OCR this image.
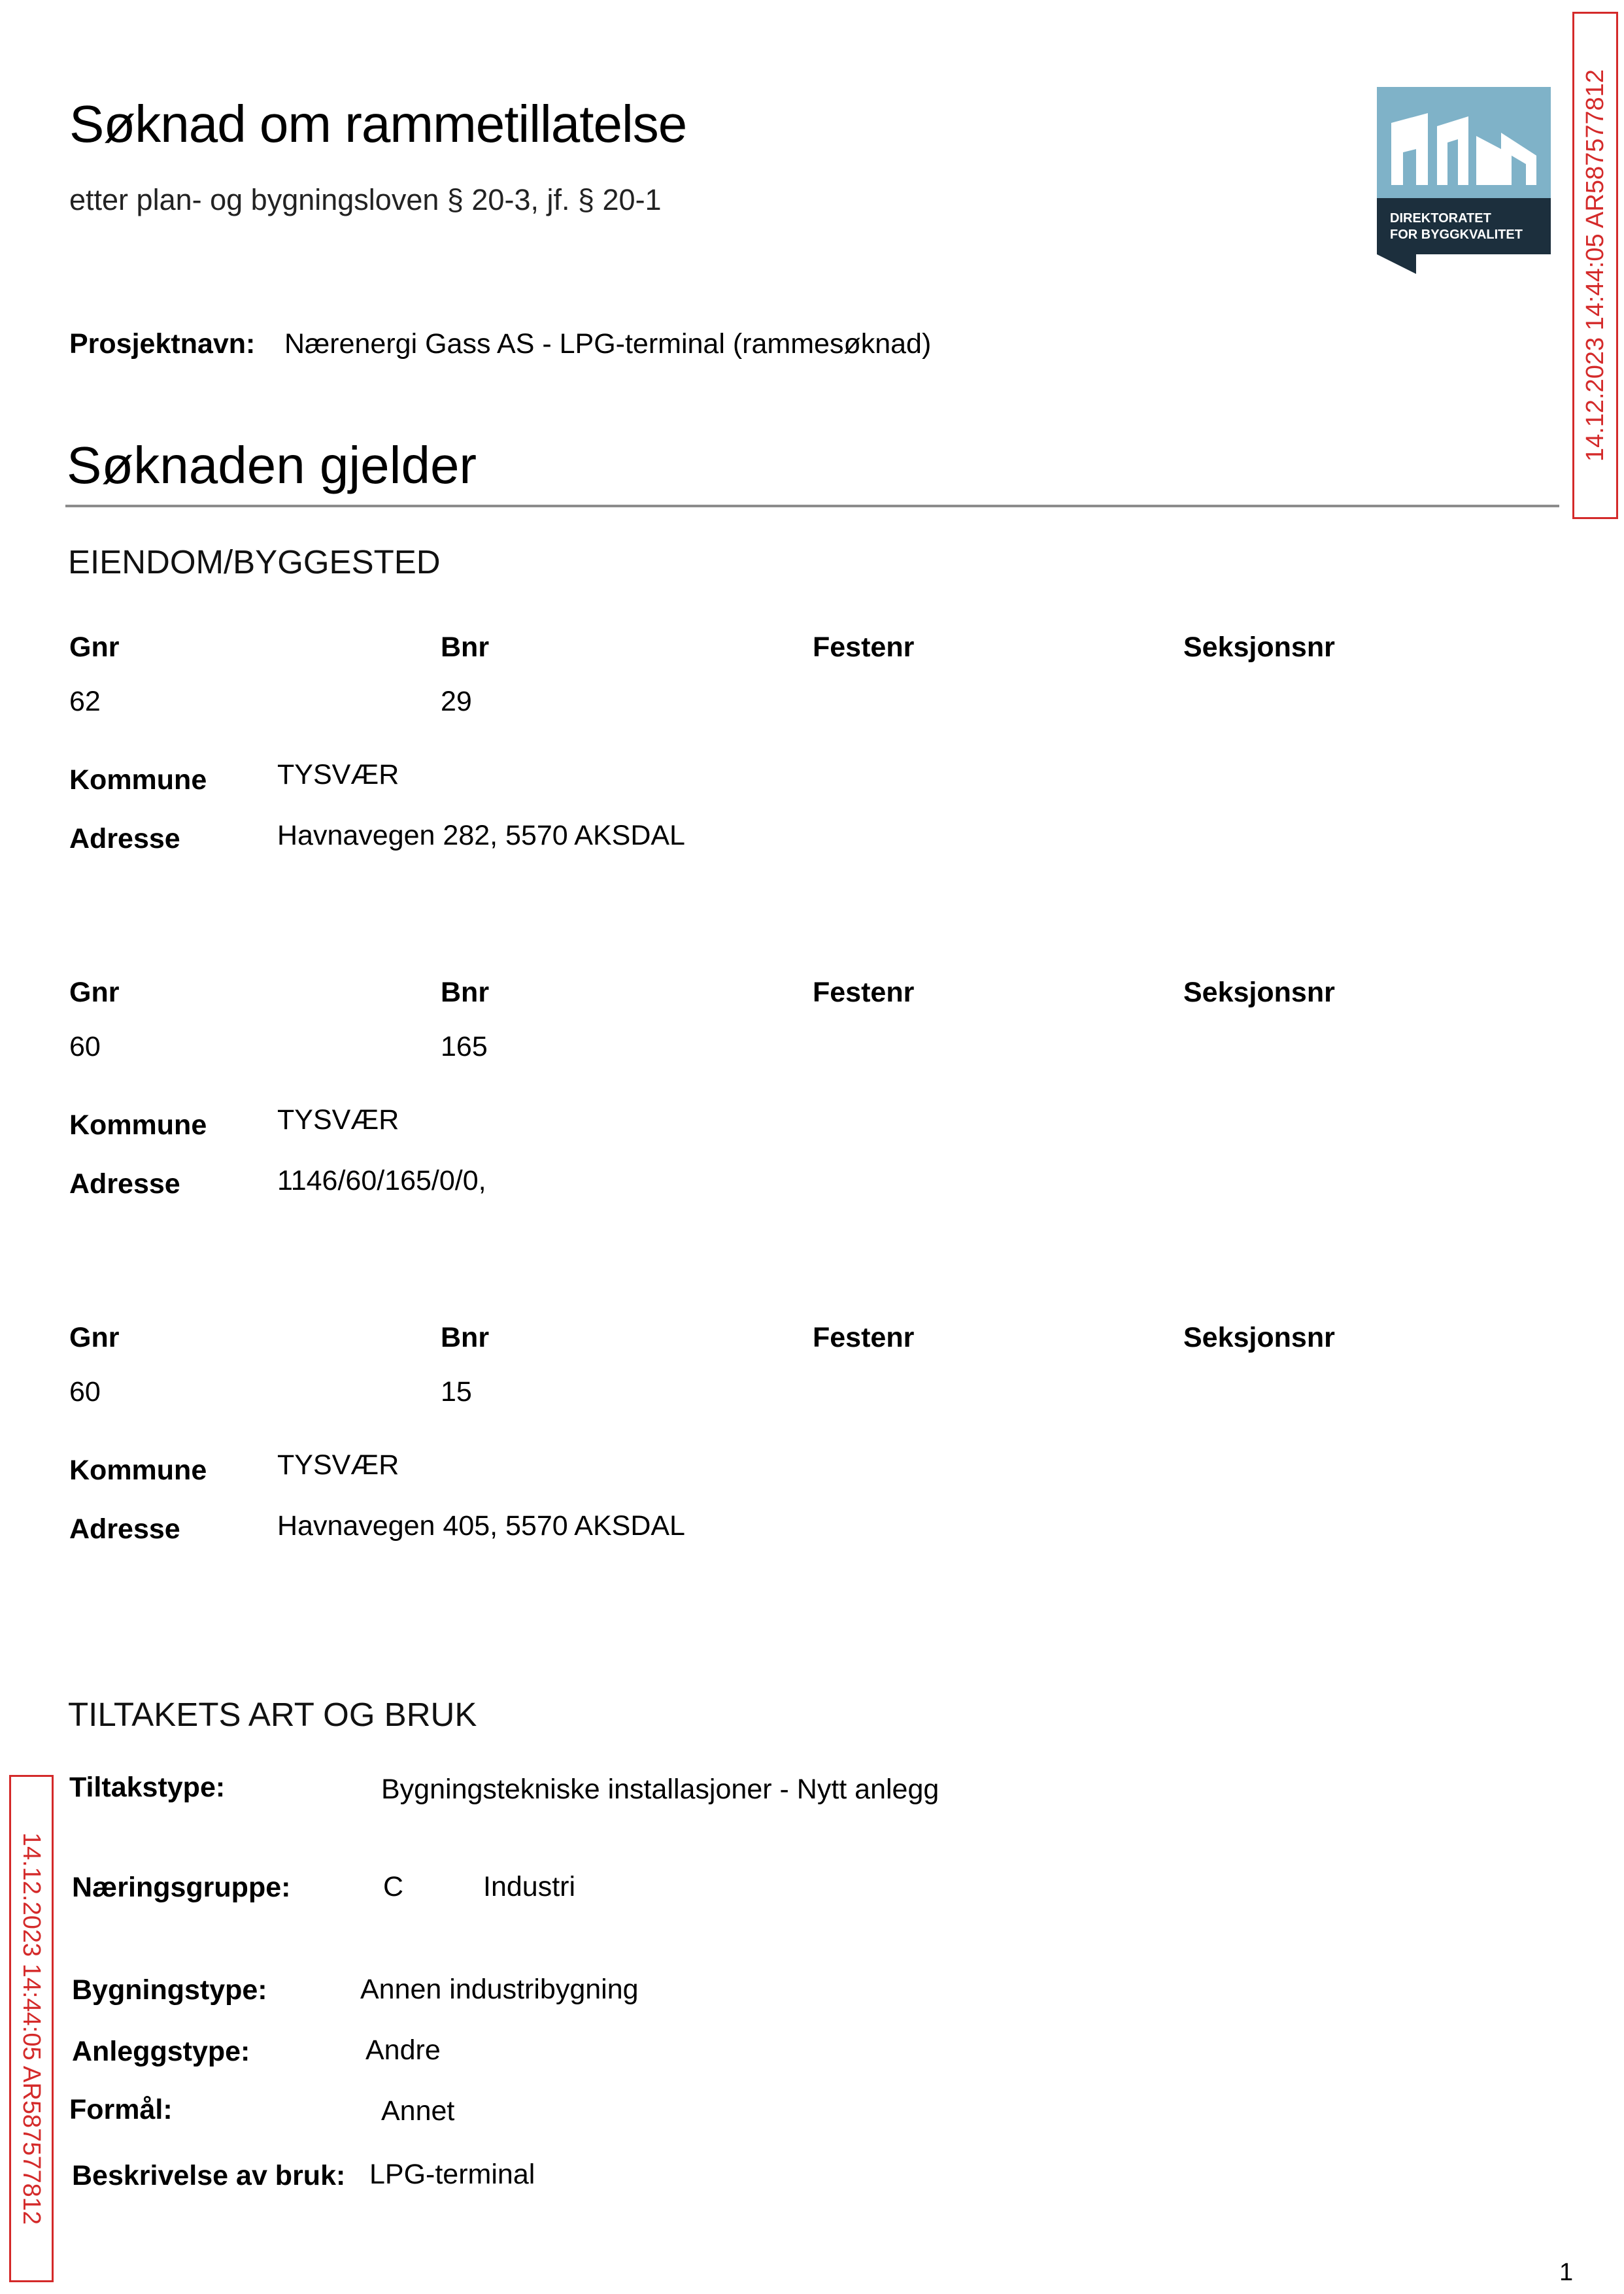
Søknad om rammetillatelse
etter plan- og bygningsloven § 20-3, jf. § 20-1
DIREKTORATET
FOR BYGGKVALITET 14.12.2023 14:44:05 AR587577812
14.12.2023 14:44:05 AR587577812
Prosjektnavn: Nærenergi Gass AS - LPG-terminal (rammesøknad)
Søknaden gjelder
EIENDOM/BYGGESTED
Gnr	Bnr	Festenr	Seksjonsnr
62	29
Kommune	TYSVÆR
Adresse	Havnavegen 282, 5570 AKSDAL
Gnr	Bnr	Festenr	Seksjonsnr
60	165
Kommune	TYSVÆR
Adresse	1146/60/165/0/0,
Gnr	Bnr	Festenr	Seksjonsnr
60	15
Kommune	TYSVÆR
Adresse	Havnavegen 405, 5570 AKSDAL
TILTAKETS ART OG BRUK
Tiltakstype:	Bygningstekniske installasjoner - Nytt anlegg
Næringsgruppe:	C	Industri
Bygningstype:	Annen industribygning
Anleggstype:	Andre
Formål:	Annet
Beskrivelse av bruk: LPG-terminal
1
